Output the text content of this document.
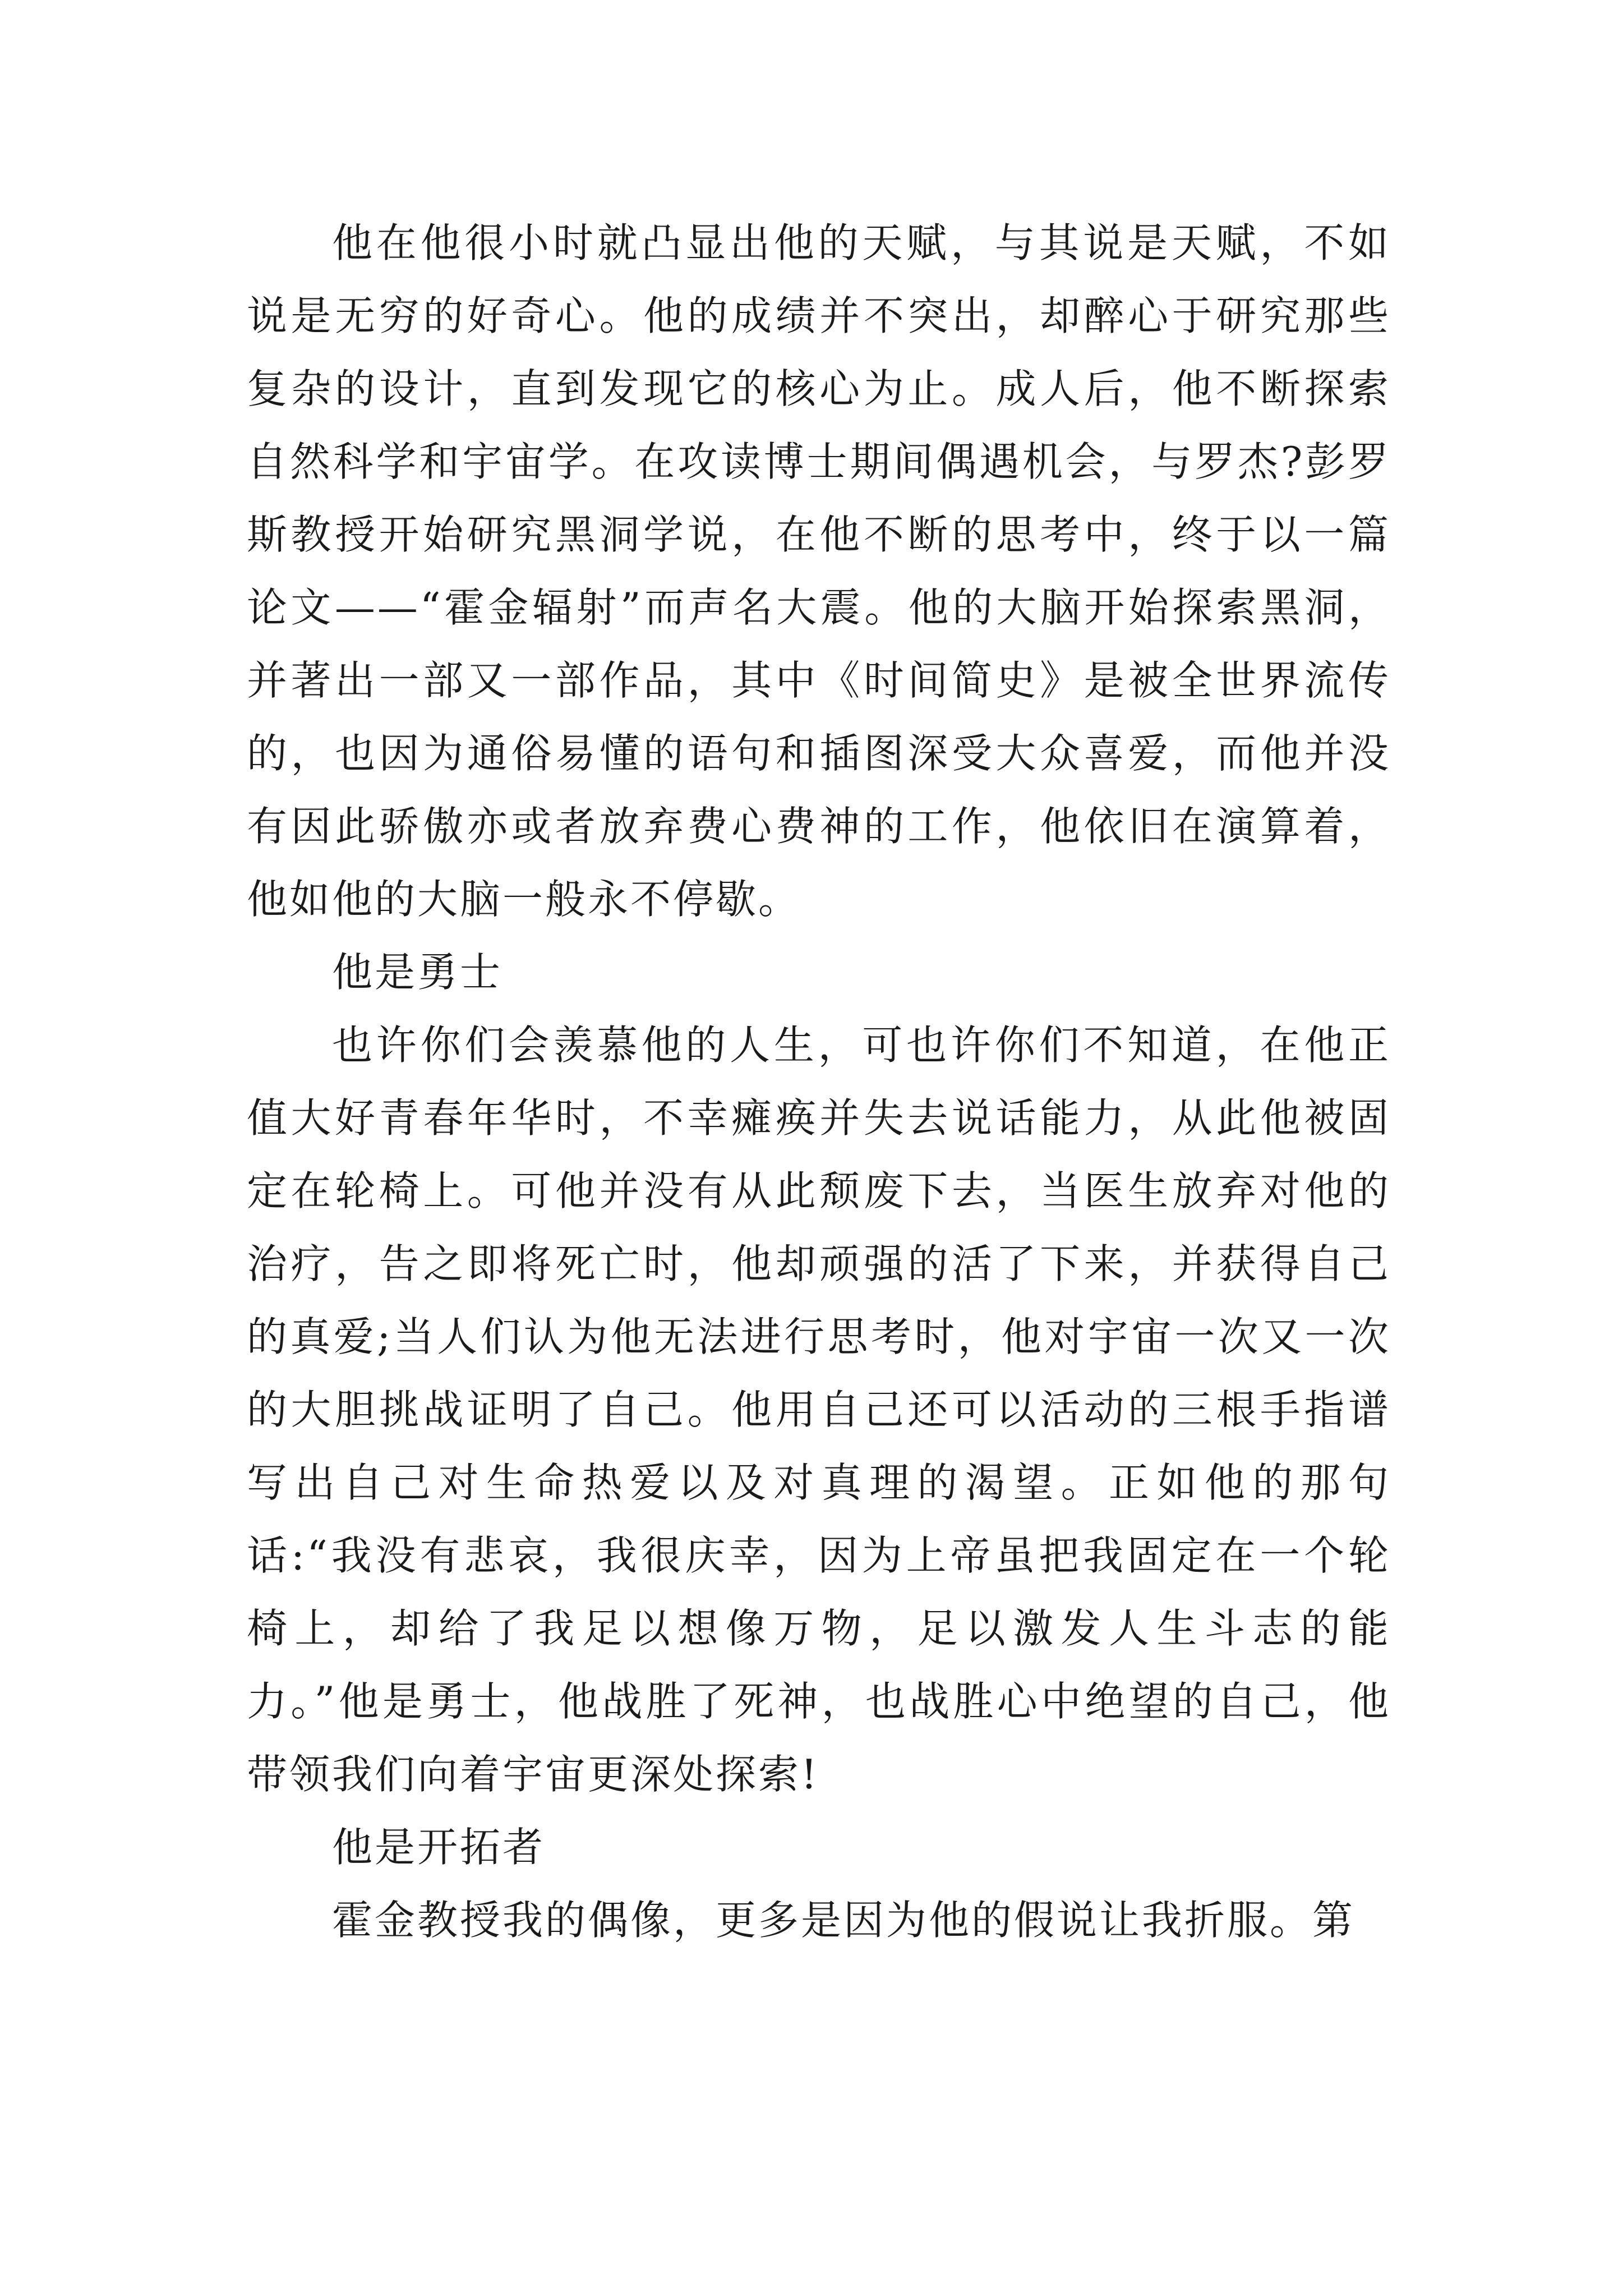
他在他很小时就凸显出他的天赋，与其说是天赋，不如说是无穷的好奇心。他的成绩并不突出，却醉心于研究那些复杂的设计，直到发现它的核心为止。成人后，他不断探索自然科学和宇宙学。在攻读博士期间偶遇机会，与罗杰?彭罗斯教授开始研究黑洞学说，在他不断的思考中，终于以一篇论文——“霍金辐射”而声名大震。他的大脑开始探索黑洞，并著出一部又一部作品，其中《时间简史》是被全世界流传的，也因为通俗易懂的语句和插图深受大众喜爱，而他并没有因此骄傲亦或者放弃费心费神的工作，他依旧在演算着，他如他的大脑一般永不停歇。

他是勇士

也许你们会羡慕他的人生，可也许你们不知道，在他正值大好青春年华时，不幸瘫痪并失去说话能力，从此他被固定在轮椅上。可他并没有从此颓废下去，当医生放弃对他的治疗，告之即将死亡时，他却顽强的活了下来，并获得自己的真爱;当人们认为他无法进行思考时，他对宇宙一次又一次的大胆挑战证明了自己。他用自己还可以活动的三根手指谱写出自己对生命热爱以及对真理的渴望。正如他的那句话:“我没有悲哀，我很庆幸，因为上帝虽把我固定在一个轮椅上，却给了我足以想像万物，足以激发人生斗志的能力。”他是勇士，他战胜了死神，也战胜心中绝望的自己，他带领我们向着宇宙更深处探索!

他是开拓者

霍金教授我的偶像，更多是因为他的假说让我折服。第
